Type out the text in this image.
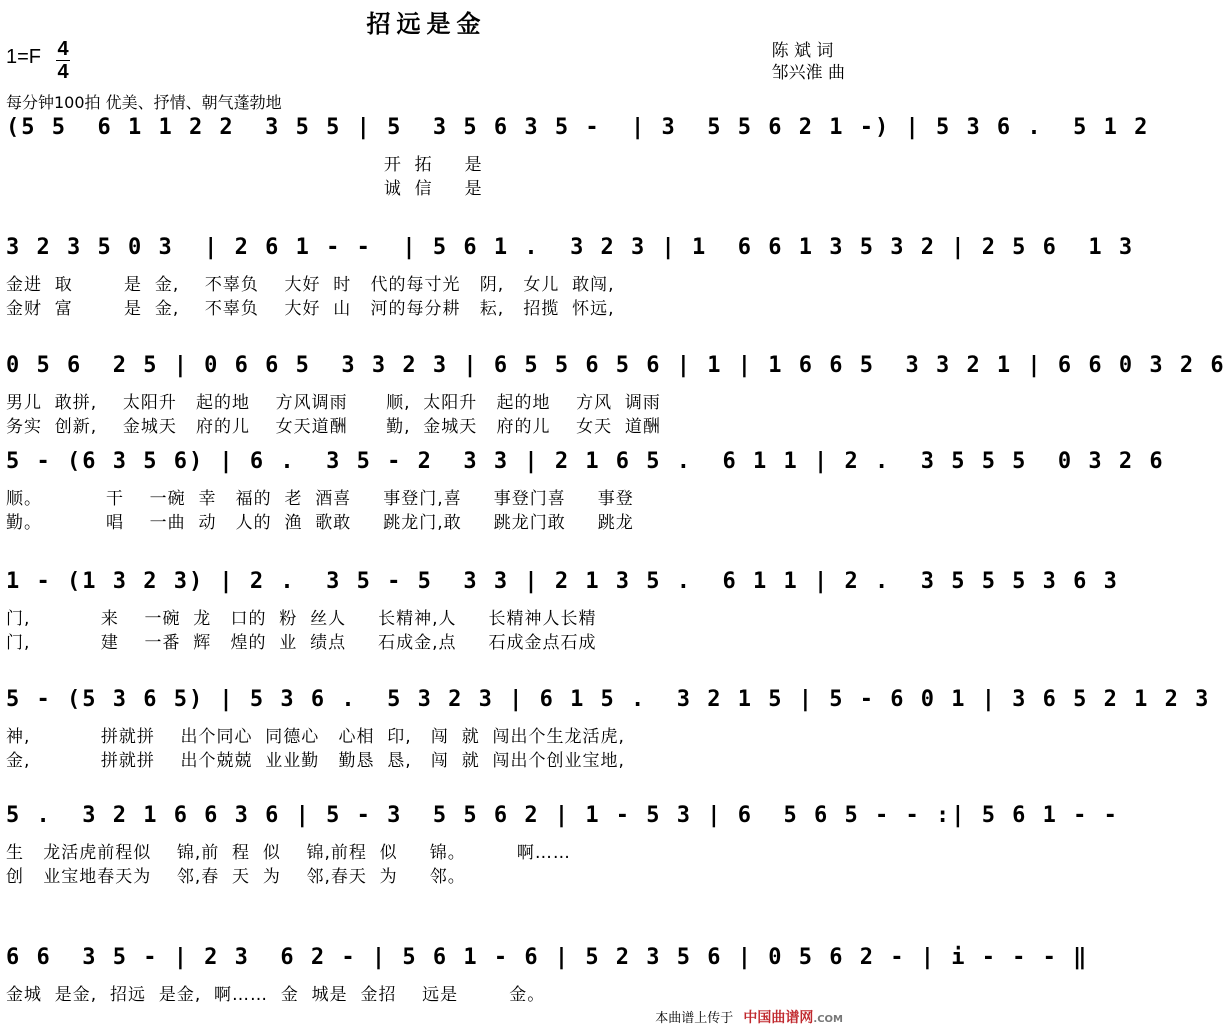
招远是金
1=F 4
4
陈 斌 词
邹兴淮 曲
每分钟100拍 优美、抒情、朝气蓬勃地
(5 5  6 1 1 2 2  3 5 5 | 5  3 5 6 3 5 -  | 3  5 5 6 2 1 -) | 5 3 6 .  5 1 2
开  拓     是
诚  信     是
3 2 3 5 0 3  | 2 6 1 - -  | 5 6 1 .  3 2 3 | 1  6 6 1 3 5 3 2 | 2 5 6  1 3
金进  取        是  金,    不辜负    大好  时   代的每寸光   阴,   女儿  敢闯,
金财  富        是  金,    不辜负    大好  山   河的每分耕   耘,   招揽  怀远,
0 5 6  2 5 | 0 6 6 5  3 3 2 3 | 6 5 5 6 5 6 | 1 | 1 6 6 5  3 3 2 1 | 6 6 0 3 2 6
男儿  敢拼,    太阳升   起的地    方风调雨      顺,  太阳升   起的地    方风  调雨
务实  创新,    金城天   府的儿    女天道酬      勤,  金城天   府的儿    女天  道酬
5 - (6 3 5 6) | 6 .  3 5 - 2  3 3 | 2 1 6 5 .  6 1 1 | 2 .  3 5 5 5  0 3 2 6
顺。          干    一碗  幸   福的  老  酒喜     事登门,喜     事登门喜     事登
勤。          唱    一曲  动   人的  渔  歌敢     跳龙门,敢     跳龙门敢     跳龙
1 - (1 3 2 3) | 2 .  3 5 - 5  3 3 | 2 1 3 5 .  6 1 1 | 2 .  3 5 5 5 3 6 3
门,           来    一碗  龙   口的  粉  丝人     长精神,人     长精神人长精
门,           建    一番  辉   煌的  业  绩点     石成金,点     石成金点石成
5 - (5 3 6 5) | 5 3 6 .  5 3 2 3 | 6 1 5 .  3 2 1 5 | 5 - 6 0 1 | 3 6 5 2 1 2 3
神,           拼就拼    出个同心  同德心   心相  印,   闯  就  闯出个生龙活虎,
金,           拼就拼    出个兢兢  业业勤   勤恳  恳,   闯  就  闯出个创业宝地,
5 .  3 2 1 6 6 3 6 | 5 - 3  5 5 6 2 | 1 - 5 3 | 6  5 6 5 - - :| 5 6 1 - -
生   龙活虎前程似    锦,前  程  似    锦,前程  似     锦。        啊……
创   业宝地春天为    邻,春  天  为    邻,春天  为     邻。
6 6  3 5 - | 2 3  6 2 - | 5 6 1 - 6 | 5 2 3 5 6 | 0 5 6 2 - | i - - - ‖
金城  是金,  招远  是金,  啊……  金  城是  金招    远是        金。
本曲谱上传于 中国曲谱网.COM
